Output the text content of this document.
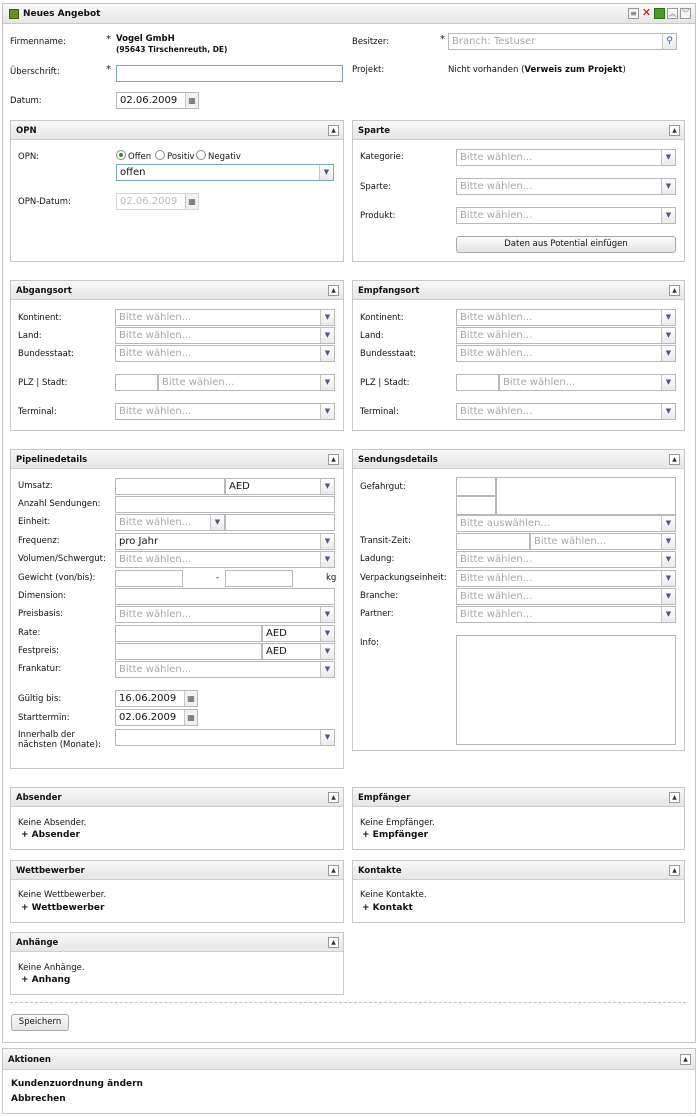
Neues Angebot	≡ ✕ ︽ ︾
Firmenname:	* Vogel GmbH
(95643 Tirschenreuth, DE)
Besitzer:	* Branch: Testuser	⚲
Überschrift:	*	Projekt:	Nicht vorhanden (Verweis zum Projekt)
Datum:	02.06.2009	▦
OPN	▲
OPN:	Offen Positiv Negativ
offen	▼
OPN-Datum:	02.06.2009	▦
Sparte	▲
Kategorie:	Bitte wählen...	▼
Sparte:	Bitte wählen...	▼
Produkt:	Bitte wählen...	▼
Daten aus Potential einfügen
Abgangsort	▲
Kontinent:	Bitte wählen...	▼
Land:	Bitte wählen...	▼
Bundesstaat:	Bitte wählen...	▼
PLZ | Stadt:	Bitte wählen...	▼
Terminal:	Bitte wählen...	▼
Empfangsort	▲
Kontinent:	Bitte wählen...	▼
Land:	Bitte wählen...	▼
Bundesstaat:	Bitte wählen...	▼
PLZ | Stadt:	Bitte wählen...	▼
Terminal:	Bitte wählen...	▼
Pipelinedetails	▲
Umsatz:	AED	▼
Anzahl Sendungen:
Einheit:	Bitte wählen...	▼
Frequenz:	pro Jahr	▼
Volumen/Schwergut:	Bitte wählen...	▼
Gewicht (von/bis):	-	kg
Dimension:
Preisbasis:	Bitte wählen...	▼
Rate:	AED	▼
Festpreis:	AED	▼
Frankatur:	Bitte wählen...	▼
Gültig bis:	16.06.2009	▦
Starttermin:	02.06.2009	▦
Innerhalb der
nächsten (Monate):
▼
Sendungsdetails	▲
Gefahrgut:
Bitte auswählen...	▼
Transit-Zeit:	Bitte wählen...	▼
Ladung:	Bitte wählen...	▼
Verpackungseinheit:	Bitte wählen...	▼
Branche:	Bitte wählen...	▼
Partner:	Bitte wählen...	▼
Info:
Absender	▲
Keine Absender.
+ Absender
Empfänger	▲
Keine Empfänger.
+ Empfänger
Wettbewerber	▲
Keine Wettbewerber.
+ Wettbewerber
Kontakte	▲
Keine Kontakte.
+ Kontakt
Anhänge	▲
Keine Anhänge.
+ Anhang
Speichern
Aktionen	▲
Kundenzuordnung ändern
Abbrechen
